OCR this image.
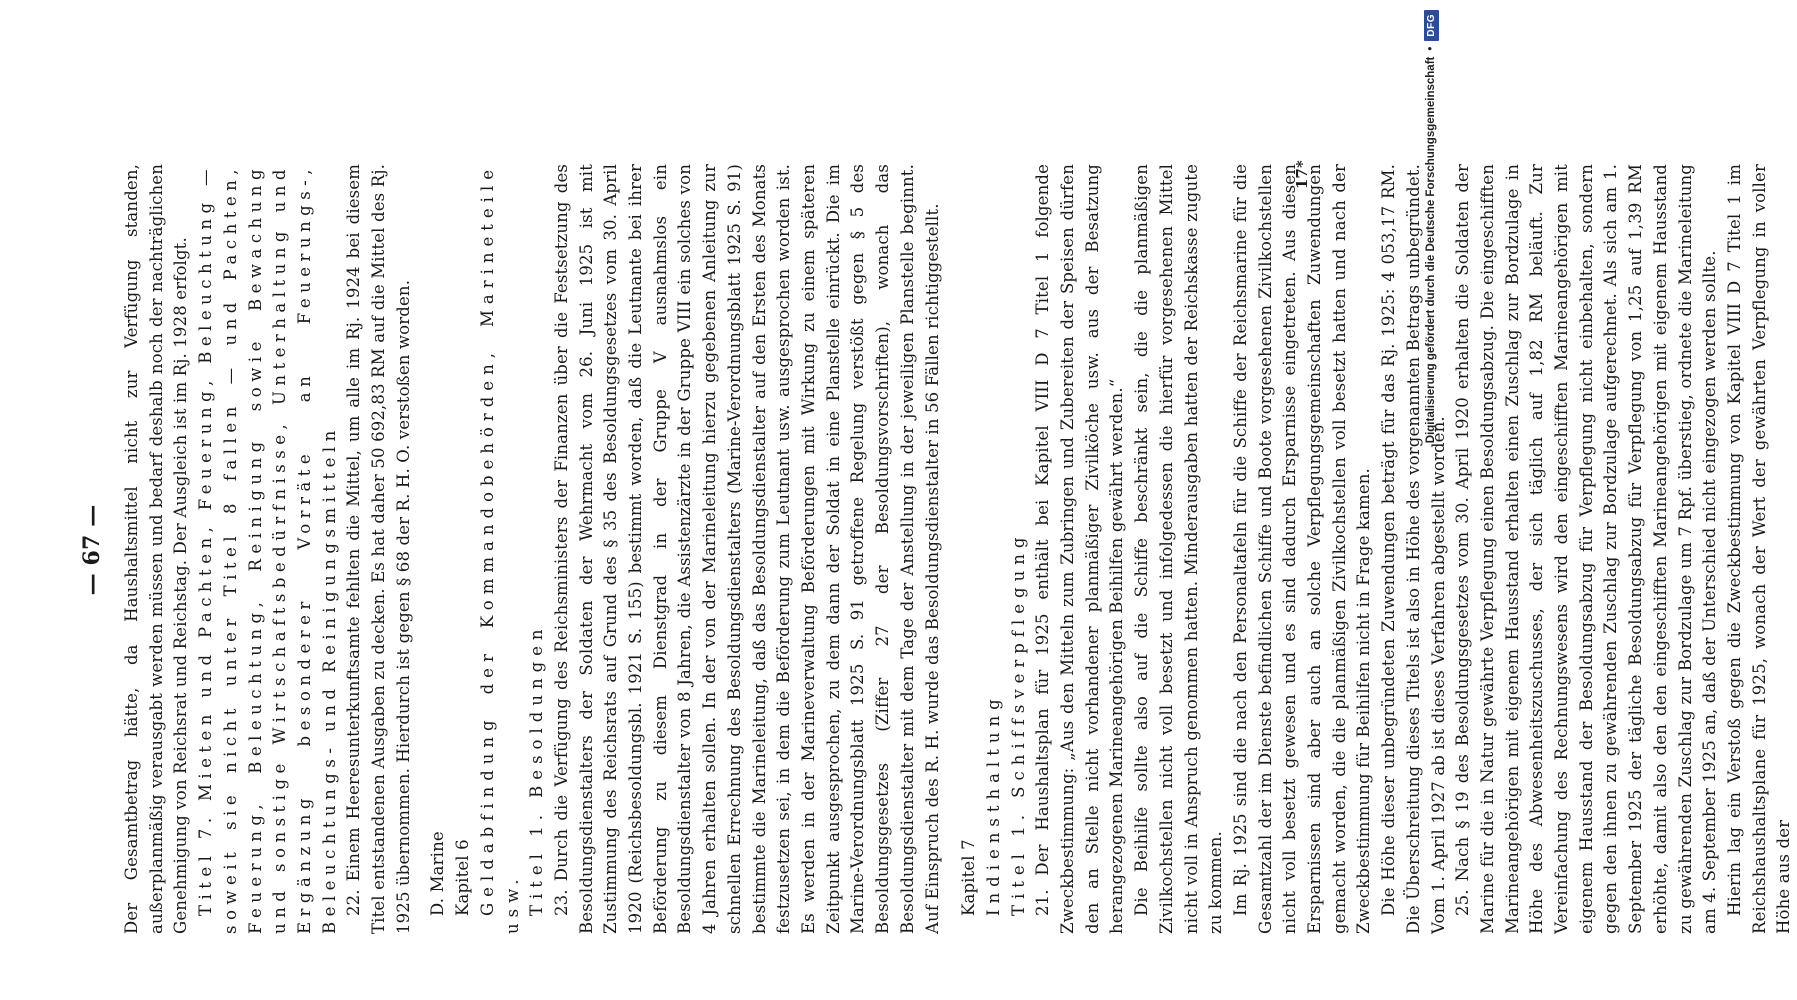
— 67 — Der Gesamtbetrag hätte, da Haushaltsmittel nicht zur Verfügung standen, außerplanmäßig verausgabt werden müssen und bedarf deshalb noch der nachträglichen Genehmigung von Reichsrat und Reichstag. Der Ausgleich ist im Rj. 1928 erfolgt. Titel 7. Mieten und Pachten, Feuerung, Beleuchtung — soweit sie nicht unter Titel 8 fallen — und Pachten, Feuerung, Beleuchtung, Reinigung sowie Bewachung und sonstige Wirtschaftsbedürfnisse, Unterhaltung und Ergänzung besonderer Vorräte an Feuerungs-, Beleuchtungs- und Reinigungsmitteln 22. Einem Heeresunterkunftsamte fehlten die Mittel, um alle im Rj. 1924 bei diesem Titel entstandenen Ausgaben zu decken. Es hat daher 50 692,83 RM auf die Mittel des Rj. 1925 übernommen. Hierdurch ist gegen § 68 der R. H. O. verstoßen worden. D. Marine Kapitel 6 Geldabfindung der Kommandobehörden, Marineteile usw. Titel 1. Besoldungen 23. Durch die Verfügung des Reichsministers der Finanzen über die Festsetzung des Besoldungsdienstalters der Soldaten der Wehrmacht vom 26. Juni 1925 ist mit Zustimmung des Reichsrats auf Grund des § 35 des Besoldungsgesetzes vom 30. April 1920 (Reichsbesoldungsbl. 1921 S. 155) bestimmt worden, daß die Leutnante bei ihrer Beförderung zu diesem Dienstgrad in der Gruppe V ausnahmslos ein Besoldungsdienstalter von 8 Jahren, die Assistenzärzte in der Gruppe VIII ein solches von 4 Jahren erhalten sollen. In der von der Marineleitung hierzu gegebenen Anleitung zur schnellen Errechnung des Besoldungsdienstalters (Marine-Verordnungsblatt 1925 S. 91) bestimmte die Marineleitung, daß das Besoldungsdienstalter auf den Ersten des Monats festzusetzen sei, in dem die Beförderung zum Leutnant usw. ausgesprochen worden ist. Es werden in der Marineverwaltung Beförderungen mit Wirkung zu einem späteren Zeitpunkt ausgesprochen, zu dem dann der Soldat in eine Planstelle einrückt. Die im Marine-Verordnungsblatt 1925 S. 91 getroffene Regelung verstößt gegen § 5 des Besoldungsgesetzes (Ziffer 27 der Besoldungsvorschriften), wonach das Besoldungsdienstalter mit dem Tage der Anstellung in der jeweiligen Planstelle beginnt. Auf Einspruch des R. H. wurde das Besoldungsdienstalter in 56 Fällen richtiggestellt. Kapitel 7 Indiensthaltung Titel 1. Schiffsverpflegung 21. Der Haushaltsplan für 1925 enthält bei Kapitel VIII D 7 Titel 1 folgende Zweckbestimmung: „Aus den Mitteln zum Zubringen und Zubereiten der Speisen dürfen den an Stelle nicht vorhandener planmäßiger Zivilköche usw. aus der Besatzung herangezogenen Marineangehörigen Beihilfen gewährt werden.“ Die Beihilfe sollte also auf die Schiffe beschränkt sein, die die planmäßigen Zivilkochstellen nicht voll besetzt und infolgedessen die hierfür vorgesehenen Mittel nicht voll in Anspruch genommen hatten. Minderausgaben hatten der Reichskasse zugute zu kommen. Im Rj. 1925 sind die nach den Personaltafeln für die Schiffe der Reichsmarine für die Gesamtzahl der im Dienste befindlichen Schiffe und Boote vorgesehenen Zivilkochstellen nicht voll besetzt gewesen und es sind dadurch Ersparnisse eingetreten. Aus diesen Ersparnissen sind aber auch an solche Verpflegungsgemeinschaften Zuwendungen gemacht worden, die die planmäßigen Zivilkochstellen voll besetzt hatten und nach der Zweckbestimmung für Beihilfen nicht in Frage kamen. Die Höhe dieser unbegründeten Zuwendungen beträgt für das Rj. 1925: 4 053,17 RM. Die Überschreitung dieses Titels ist also in Höhe des vorgenannten Betrags unbegründet. Vom 1. April 1927 ab ist dieses Verfahren abgestellt worden. 25. Nach § 19 des Besoldungsgesetzes vom 30. April 1920 erhalten die Soldaten der Marine für die in Natur gewährte Verpflegung einen Besoldungsabzug. Die eingeschifften Marineangehörigen mit eigenem Hausstand erhalten einen Zuschlag zur Bordzulage in Höhe des Abwesenheitszuschusses, der sich täglich auf 1,82 RM beläuft. Zur Vereinfachung des Rechnungswesens wird den eingeschifften Marineangehörigen mit eigenem Hausstand der Besoldungsabzug für Verpflegung nicht einbehalten, sondern gegen den ihnen zu gewährenden Zuschlag zur Bordzulage aufgerechnet. Als sich am 1. September 1925 der tägliche Besoldungsabzug für Verpflegung von 1,25 auf 1,39 RM erhöhte, damit also den den eingeschifften Marineangehörigen mit eigenem Hausstand zu gewährenden Zuschlag zur Bordzulage um 7 Rpf. überstieg, ordnete die Marineleitung am 4. September 1925 an, daß der Unterschied nicht eingezogen werden sollte. Hierin lag ein Verstoß gegen die Zweckbestimmung von Kapitel VIII D 7 Titel 1 im Reichshaushaltsplane für 1925, wonach der Wert der gewährten Verpflegung in voller Höhe aus der

17*	Digitalisierung gefördert durch die Deutsche Forschungsgemeinschaft
•
DFG
